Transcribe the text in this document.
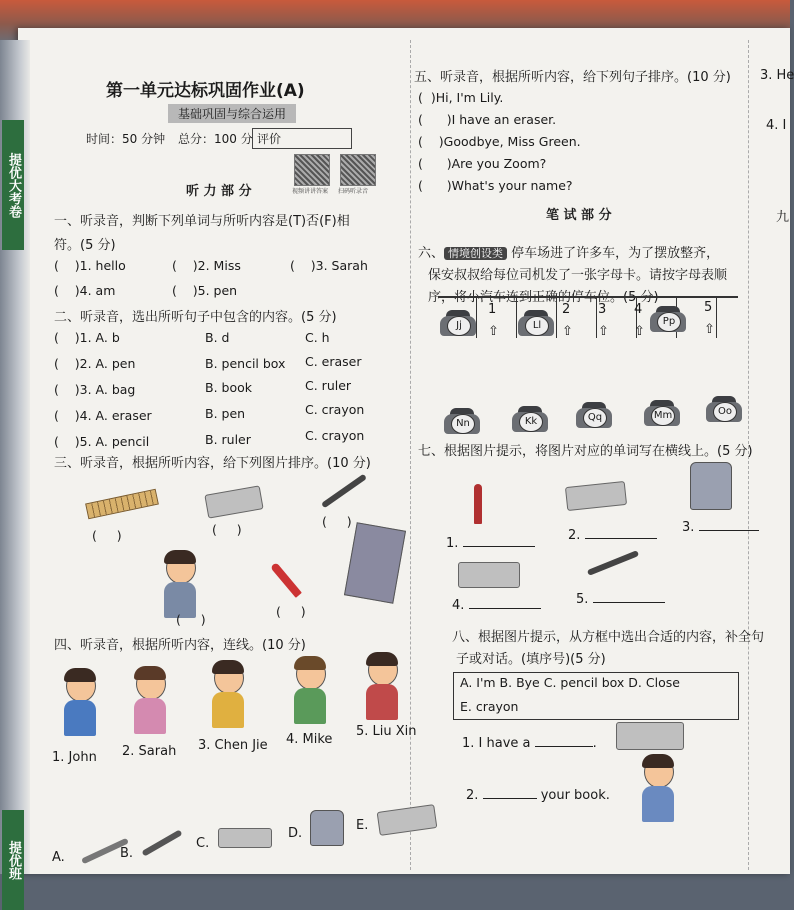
提优大考卷
提优班
第一单元达标巩固作业(A)
基础巩固与综合运用
时间：50 分钟 总分：100 分 评价
视频讲讲答案 扫码听录音
听 力 部 分
一、听录音，判断下列单词与所听内容是(T)否(F)相
符。(5 分)
(    )1. hello	(    )2. Miss	(    )3. Sarah
(    )4. am	(    )5. pen
二、听录音，选出所听句子中包含的内容。(5 分)
(    )1. A. b	B. d	C. h
(    )2. A. pen	B. pencil box C. eraser
(    )3. A. bag	B. book	C. ruler
(    )4. A. eraser	B. pen	C. crayon
(    )5. A. pencil	B. ruler	C. crayon
三、听录音，根据所听内容，给下列图片排序。(10 分)
(     )	(     )
(     )
(     )
(     )
四、听录音，根据所听内容，连线。(10 分)
1. John 2. Sarah 3. Chen Jie 4. Mike
5. Liu Xin
A.	B.
C.
D.
E.
五、听录音，根据所听内容，给下列句子排序。(10 分)
(  )Hi, I'm Lily.
(      )I have an eraser.
(    )Goodbye, Miss Green.
(      )Are you Zoom?
(      )What's your name?
笔 试 部 分
六、 情境创设类 停车场进了许多车，为了摆放整齐，
保安叔叔给每位司机发了一张字母卡。请按字母表顺
序，将小汽车连到正确的停车位。(5 分)
Jj
1
⇧	Ll
2
⇧
3
⇧
4
⇧
Pp
5
⇧
Nn	Kk	Qq	Mm	Oo
七、根据图片提示，将图片对应的单词写在横线上。(5 分)
1.
2.
3.
4.	5.
八、根据图片提示，从方框中选出合适的内容，补全句
子或对话。(填序号)(5 分)
A. I'm B. Bye C. pencil box D. Close
E. crayon
1. I have a	.
2.	your book.
3. He
4. I
九
